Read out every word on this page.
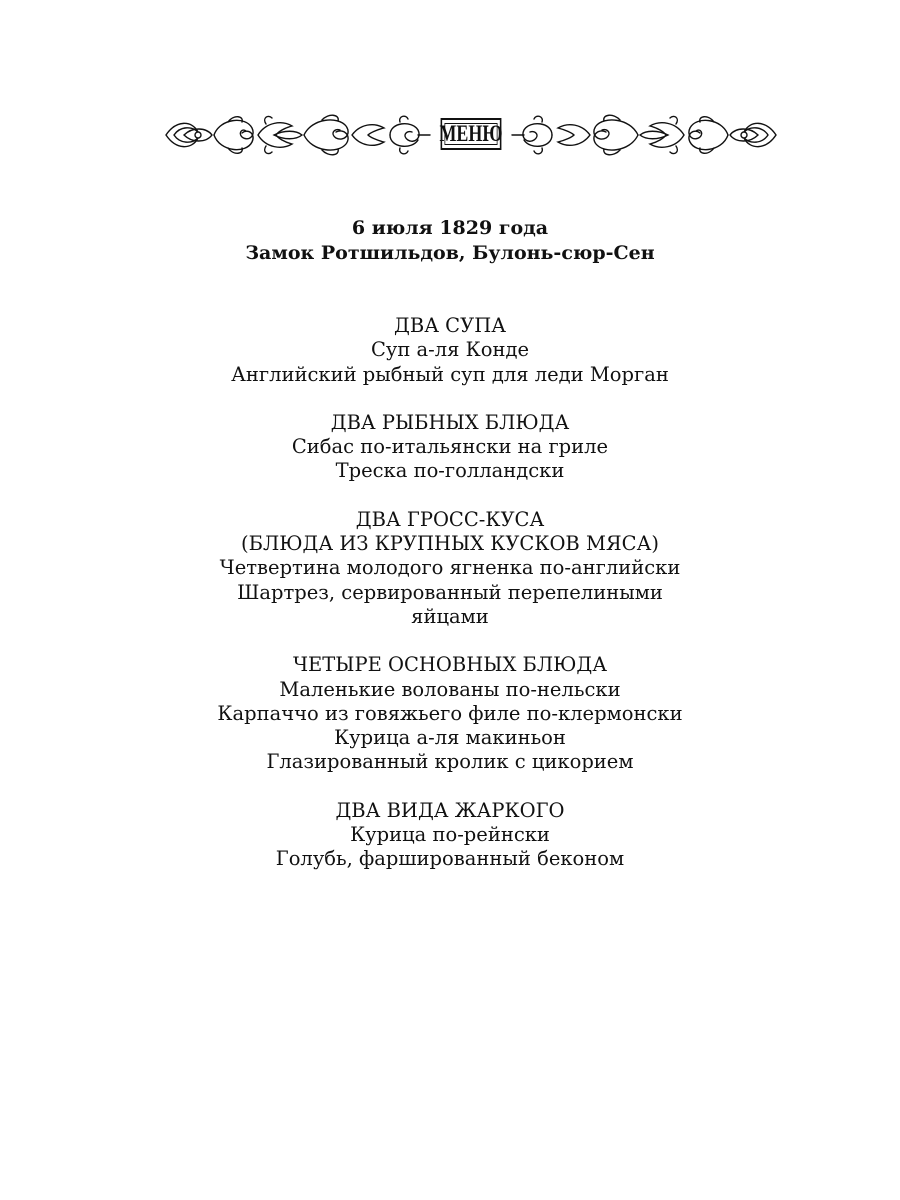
МЕНЮ
6 июля 1829 года
Замок Ротшильдов, Булонь-сюр-Сен
ДВА СУПА
Суп а-ля Конде
Английский рыбный суп для леди Морган
ДВА РЫБНЫХ БЛЮДА
Сибас по-итальянски на гриле
Треска по-голландски
ДВА ГРОСС-КУСА
(БЛЮДА ИЗ КРУПНЫХ КУСКОВ МЯСА)
Четвертина молодого ягненка по-английски
Шартрез, сервированный перепелиными
яйцами
ЧЕТЫРЕ ОСНОВНЫХ БЛЮДА
Маленькие волованы по-нельски
Карпаччо из говяжьего филе по-клермонски
Курица а-ля макиньон
Глазированный кролик с цикорием
ДВА ВИДА ЖАРКОГО
Курица по-рейнски
Голубь, фаршированный беконом
